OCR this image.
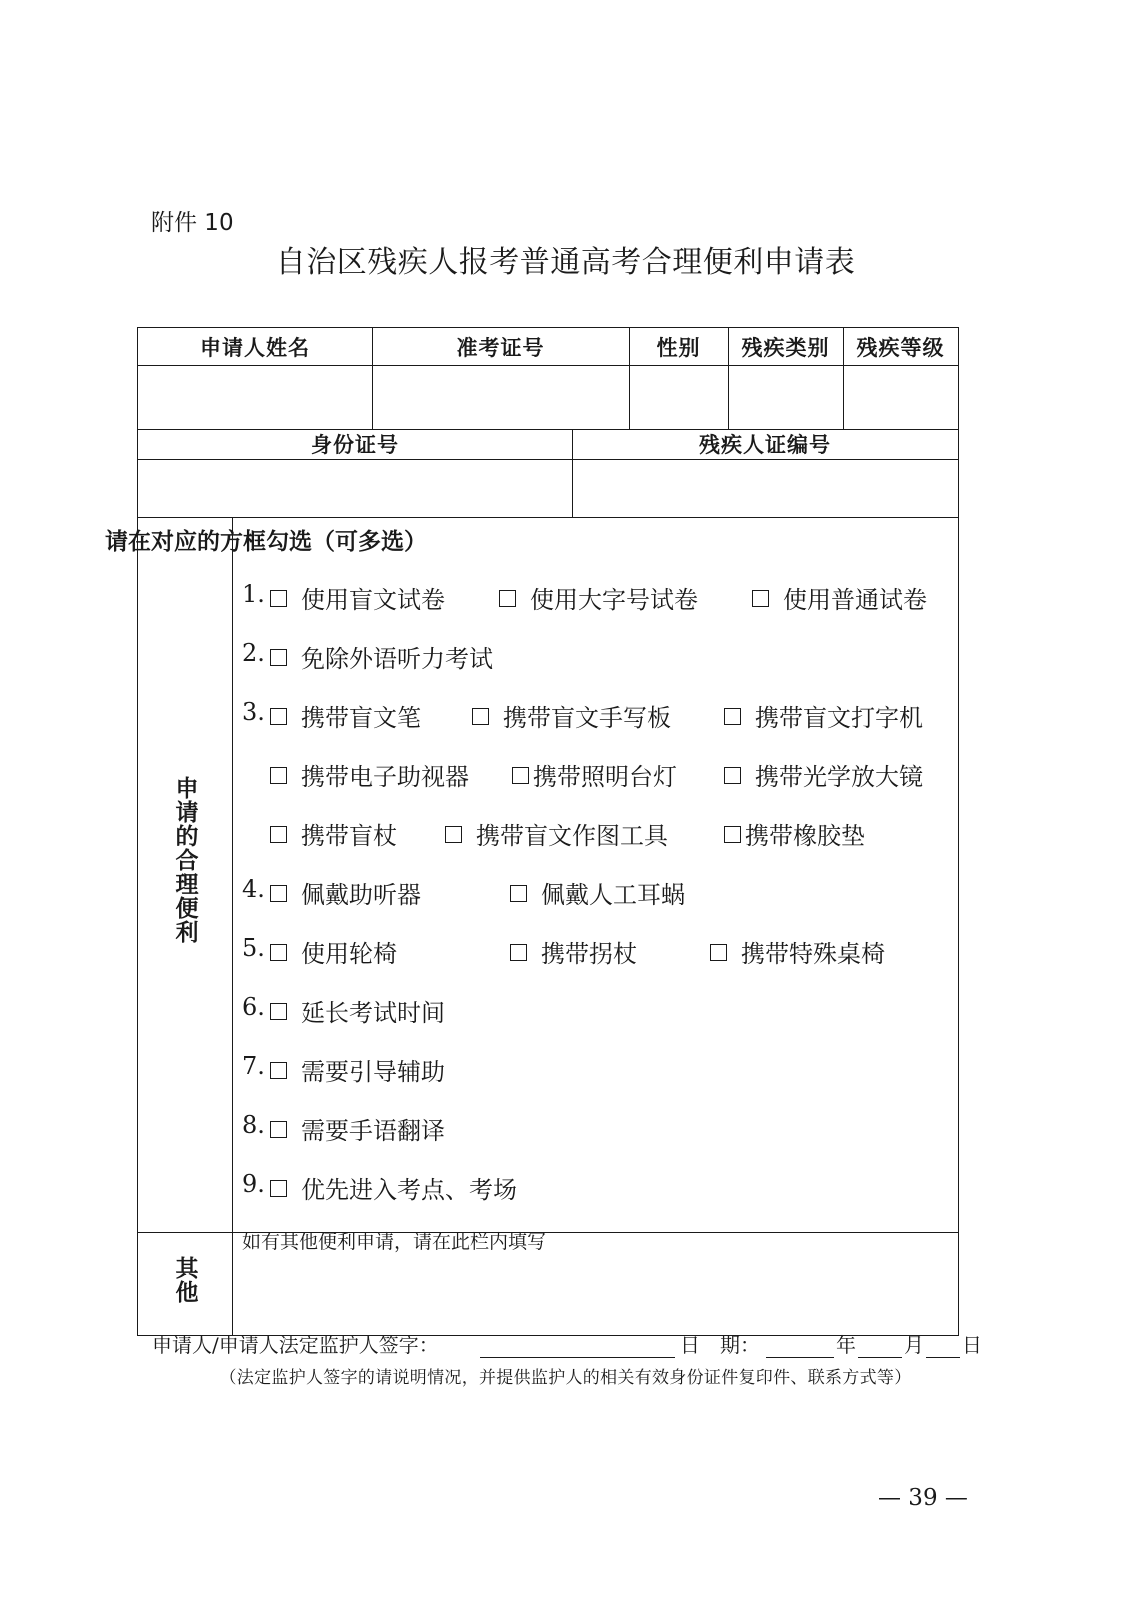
附件 10
自治区残疾人报考普通高考合理便利申请表
申请人姓名	准考证号	性别	残疾类别	残疾等级
身份证号	残疾人证编号
申请的合理便利
其他
请在对应的方框勾选（可多选）
1. 使用盲文试卷	使用大字号试卷	使用普通试卷
2. 免除外语听力考试
3. 携带盲文笔	携带盲文手写板	携带盲文打字机
携带电子助视器	携带照明台灯	携带光学放大镜
携带盲杖	携带盲文作图工具	携带橡胶垫
4. 佩戴助听器	佩戴人工耳蜗
5. 使用轮椅	携带拐杖	携带特殊桌椅
6. 延长考试时间
7. 需要引导辅助
8. 需要手语翻译
9. 优先进入考点、考场
如有其他便利申请，请在此栏内填写
申请人/申请人法定监护人签字：	日　期：	年 月 日
（法定监护人签字的请说明情况，并提供监护人的相关有效身份证件复印件、联系方式等）
— 39 —
